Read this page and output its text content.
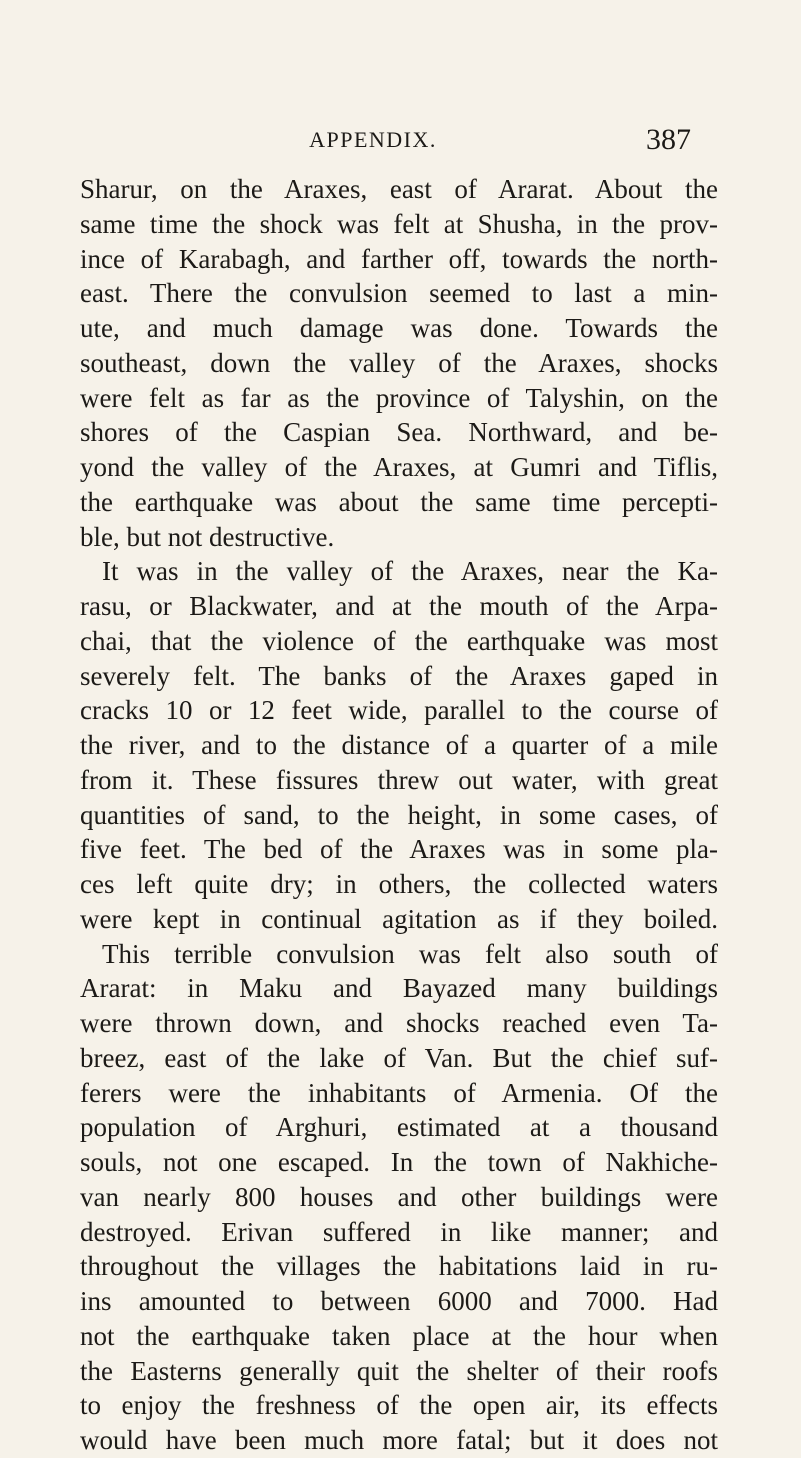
APPENDIX.	387
Sharur, on the Araxes, east of Ararat. About the
same time the shock was felt at Shusha, in the prov-
ince of Karabagh, and farther off, towards the north-
east. There the convulsion seemed to last a min-
ute, and much damage was done. Towards the
southeast, down the valley of the Araxes, shocks
were felt as far as the province of Talyshin, on the
shores of the Caspian Sea. Northward, and be-
yond the valley of the Araxes, at Gumri and Tiflis,
the earthquake was about the same time percepti-
ble, but not destructive.
It was in the valley of the Araxes, near the Ka-
rasu, or Blackwater, and at the mouth of the Arpa-
chai, that the violence of the earthquake was most
severely felt. The banks of the Araxes gaped in
cracks 10 or 12 feet wide, parallel to the course of
the river, and to the distance of a quarter of a mile
from it. These fissures threw out water, with great
quantities of sand, to the height, in some cases, of
five feet. The bed of the Araxes was in some pla-
ces left quite dry; in others, the collected waters
were kept in continual agitation as if they boiled.
This terrible convulsion was felt also south of
Ararat: in Maku and Bayazed many buildings
were thrown down, and shocks reached even Ta-
breez, east of the lake of Van. But the chief suf-
ferers were the inhabitants of Armenia. Of the
population of Arghuri, estimated at a thousand
souls, not one escaped. In the town of Nakhiche-
van nearly 800 houses and other buildings were
destroyed. Erivan suffered in like manner; and
throughout the villages the habitations laid in ru-
ins amounted to between 6000 and 7000. Had
not the earthquake taken place at the hour when
the Easterns generally quit the shelter of their roofs
to enjoy the freshness of the open air, its effects
would have been much more fatal; but it does not
